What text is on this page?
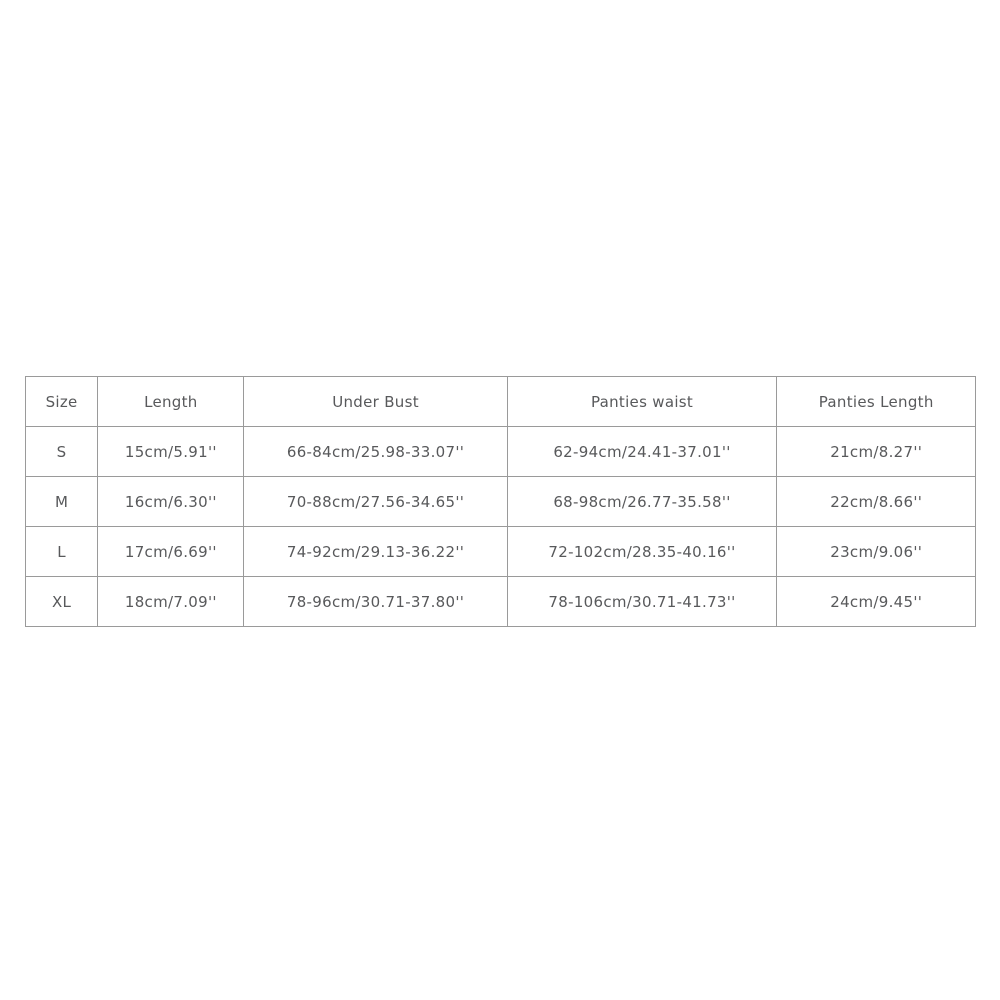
Size	Length	Under Bust	Panties waist	Panties Length
S	15cm/5.91''	66-84cm/25.98-33.07''	62-94cm/24.41-37.01''	21cm/8.27''
M	16cm/6.30''	70-88cm/27.56-34.65''	68-98cm/26.77-35.58''	22cm/8.66''
L	17cm/6.69''	74-92cm/29.13-36.22''	72-102cm/28.35-40.16''	23cm/9.06''
XL	18cm/7.09''	78-96cm/30.71-37.80''	78-106cm/30.71-41.73''	24cm/9.45''
